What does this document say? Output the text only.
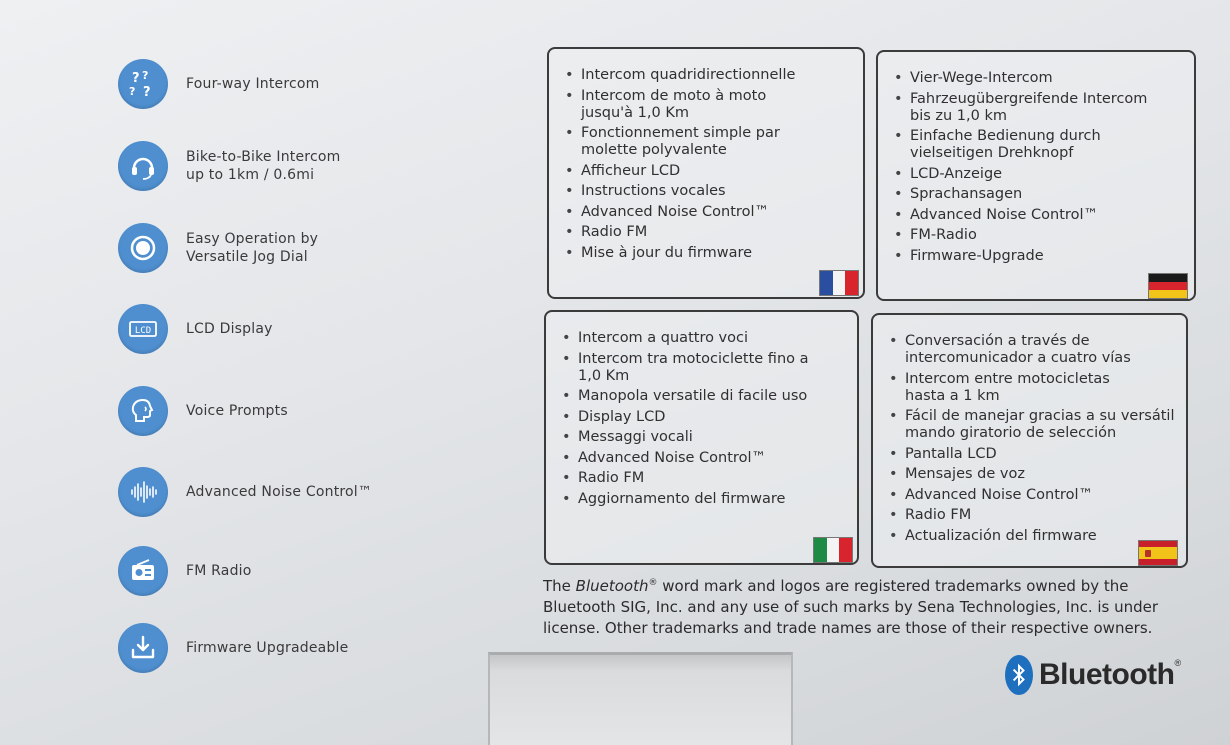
? ?
? ?
Four-way Intercom
Bike-to-Bike Intercom
up to 1km / 0.6mi
Easy Operation by
Versatile Jog Dial
LCD LCD Display
Voice Prompts
Advanced Noise Control™
FM Radio
Firmware Upgradeable
• Intercom quadridirectionnelle
• Intercom de moto à moto
jusqu'à 1,0 Km
• Fonctionnement simple par
molette polyvalente
• Afficheur LCD
• Instructions vocales
• Advanced Noise Control™
• Radio FM
• Mise à jour du firmware
• Vier-Wege-Intercom
• Fahrzeugübergreifende Intercom
bis zu 1,0 km
• Einfache Bedienung durch
vielseitigen Drehknopf
• LCD-Anzeige
• Sprachansagen
• Advanced Noise Control™
• FM-Radio
• Firmware-Upgrade
• Intercom a quattro voci
• Intercom tra motociclette fino a
1,0 Km
• Manopola versatile di facile uso
• Display LCD
• Messaggi vocali
• Advanced Noise Control™
• Radio FM
• Aggiornamento del firmware
• Conversación a través de
intercomunicador a cuatro vías
• Intercom entre motocicletas
hasta a 1 km
• Fácil de manejar gracias a su versátil
mando giratorio de selección
• Pantalla LCD
• Mensajes de voz
• Advanced Noise Control™
• Radio FM
• Actualización del firmware

The Bluetooth® word mark and logos are registered trademarks owned by the Bluetooth SIG, Inc. and any use of such marks by Sena Technologies, Inc. is under license. Other trademarks and trade names are those of their respective owners.

Bluetooth®
